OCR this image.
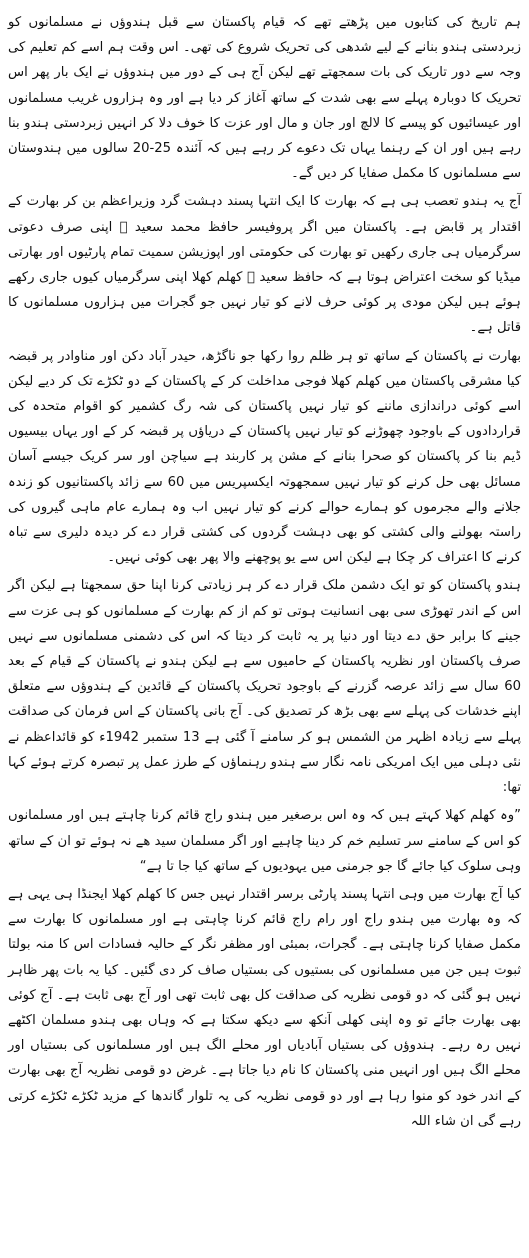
ہم تاریخ کی کتابوں میں پڑھتے تھے کہ قیام پاکستان سے قبل ہندوؤں نے مسلمانوں کو زبردستی ہندو بنانے کے لیے شدھی کی تحریک شروع کی تھی۔ اس وقت ہم اسے کم تعلیم کی وجہ سے دور تاریک کی بات سمجھتے تھے لیکن آج ہی کے دور میں ہندوؤں نے ایک بار پھر اس تحریک کا دوبارہ پہلے سے بھی شدت کے ساتھ آغاز کر دیا ہے اور وہ ہزاروں غریب مسلمانوں اور عیسائیوں کو پیسے کا لالچ اور جان و مال اور عزت کا خوف دلا کر انہیں زبردستی ہندو بنا رہے ہیں اور ان کے رہنما یہاں تک دعوے کر رہے ہیں کہ آئندہ 25-20 سالوں میں ہندوستان سے مسلمانوں کا مکمل صفایا کر دیں گے۔

آج یہ ہندو تعصب ہی ہے کہ بھارت کا ایک انتہا پسند دہشت گرد وزیراعظم بن کر بھارت کے اقتدار پر قابض ہے۔ پاکستان میں اگر پروفیسر حافظ محمد سعید ﷫ اپنی صرف دعوتی سرگرمیاں ہی جاری رکھیں تو بھارت کی حکومتی اور اپوزیشن سمیت تمام پارٹیوں اور بھارتی میڈیا کو سخت اعتراض ہوتا ہے کہ حافظ سعید ﷫ کھلم کھلا اپنی سرگرمیاں کیوں جاری رکھے ہوئے ہیں لیکن مودی پر کوئی حرف لانے کو تیار نہیں جو گجرات میں ہزاروں مسلمانوں کا قاتل ہے۔

بھارت نے پاکستان کے ساتھ تو ہر ظلم روا رکھا جو ناگڑھ، حیدر آباد دکن اور مناوادر پر قبضہ کیا مشرقی پاکستان میں کھلم کھلا فوجی مداخلت کر کے پاکستان کے دو ٹکڑے تک کر دیے لیکن اسے کوئی دراندازی ماننے کو تیار نہیں پاکستان کی شہ رگ کشمیر کو اقوام متحدہ کی قراردادوں کے باوجود چھوڑنے کو تیار نہیں پاکستان کے دریاؤں پر قبضہ کر کے اور یہاں بیسیوں ڈیم بنا کر پاکستان کو صحرا بنانے کے مشن پر کاربند ہے سیاچن اور سر کریک جیسے آسان مسائل بھی حل کرنے کو تیار نہیں سمجھوتہ ایکسپریس میں 60 سے زائد پاکستانیوں کو زندہ جلانے والے مجرموں کو ہمارے حوالے کرنے کو تیار نہیں اب وہ ہمارے عام ماہی گیروں کی راستہ بھولنے والی کشتی کو بھی دہشت گردوں کی کشتی قرار دے کر دیدہ دلیری سے تباہ کرنے کا اعتراف کر چکا ہے لیکن اس سے یو پوچھنے والا پھر بھی کوئی نہیں۔

ہندو پاکستان کو تو ایک دشمن ملک قرار دے کر ہر زیادتی کرنا اپنا حق سمجھتا ہے لیکن اگر اس کے اندر تھوڑی سی بھی انسانیت ہوتی تو کم از کم بھارت کے مسلمانوں کو ہی عزت سے جینے کا برابر حق دے دیتا اور دنیا پر یہ ثابت کر دیتا کہ اس کی دشمنی مسلمانوں سے نہیں صرف پاکستان اور نظریہ پاکستان کے حامیوں سے ہے لیکن ہندو نے پاکستان کے قیام کے بعد 60 سال سے زائد عرصہ گزرنے کے باوجود تحریک پاکستان کے قائدین کے ہندوؤں سے متعلق اپنے خدشات کی پہلے سے بھی بڑھ کر تصدیق کی۔ آج بانی پاکستان کے اس فرمان کی صداقت پہلے سے زیادہ اظہر من الشمس ہو کر سامنے آ گئی ہے 13 ستمبر 1942ء کو قائداعظم نے نئی دہلی میں ایک امریکی نامہ نگار سے ہندو رہنماؤں کے طرز عمل پر تبصرہ کرتے ہوئے کہا تھا:

”وہ کھلم کھلا کہتے ہیں کہ وہ اس برصغیر میں ہندو راج قائم کرنا چاہتے ہیں اور مسلمانوں کو اس کے سامنے سر تسلیم خم کر دینا چاہیے اور اگر مسلمان سید ھے نہ ہوئے تو ان کے ساتھ وہی سلوک کیا جائے گا جو جرمنی میں یہودیوں کے ساتھ کیا جا تا ہے“

کیا آج بھارت میں وہی انتہا پسند پارٹی برسر اقتدار نہیں جس کا کھلم کھلا ایجنڈا ہی یہی ہے کہ وہ بھارت میں ہندو راج اور رام راج قائم کرنا چاہتی ہے اور مسلمانوں کا بھارت سے مکمل صفایا کرنا چاہتی ہے۔ گجرات، بمبئی اور مظفر نگر کے حالیہ فسادات اس کا منہ بولتا ثبوت ہیں جن میں مسلمانوں کی بستیوں کی بستیاں صاف کر دی گئیں۔ کیا یہ بات پھر ظاہر نہیں ہو گئی کہ دو قومی نظریہ کی صداقت کل بھی ثابت تھی اور آج بھی ثابت ہے۔ آج کوئی بھی بھارت جائے تو وہ اپنی کھلی آنکھ سے دیکھ سکتا ہے کہ وہاں بھی ہندو مسلمان اکٹھے نہیں رہ رہے۔ ہندوؤں کی بستیاں آبادیاں اور محلے الگ ہیں اور مسلمانوں کی بستیاں اور محلے الگ ہیں اور انہیں منی پاکستان کا نام دیا جاتا ہے۔ غرض دو قومی نظریہ آج بھی بھارت کے اندر خود کو منوا رہا ہے اور دو قومی نظریہ کی یہ تلوار گاندھا کے مزید ٹکڑے ٹکڑے کرتی رہے گی ان شاء اللہ
